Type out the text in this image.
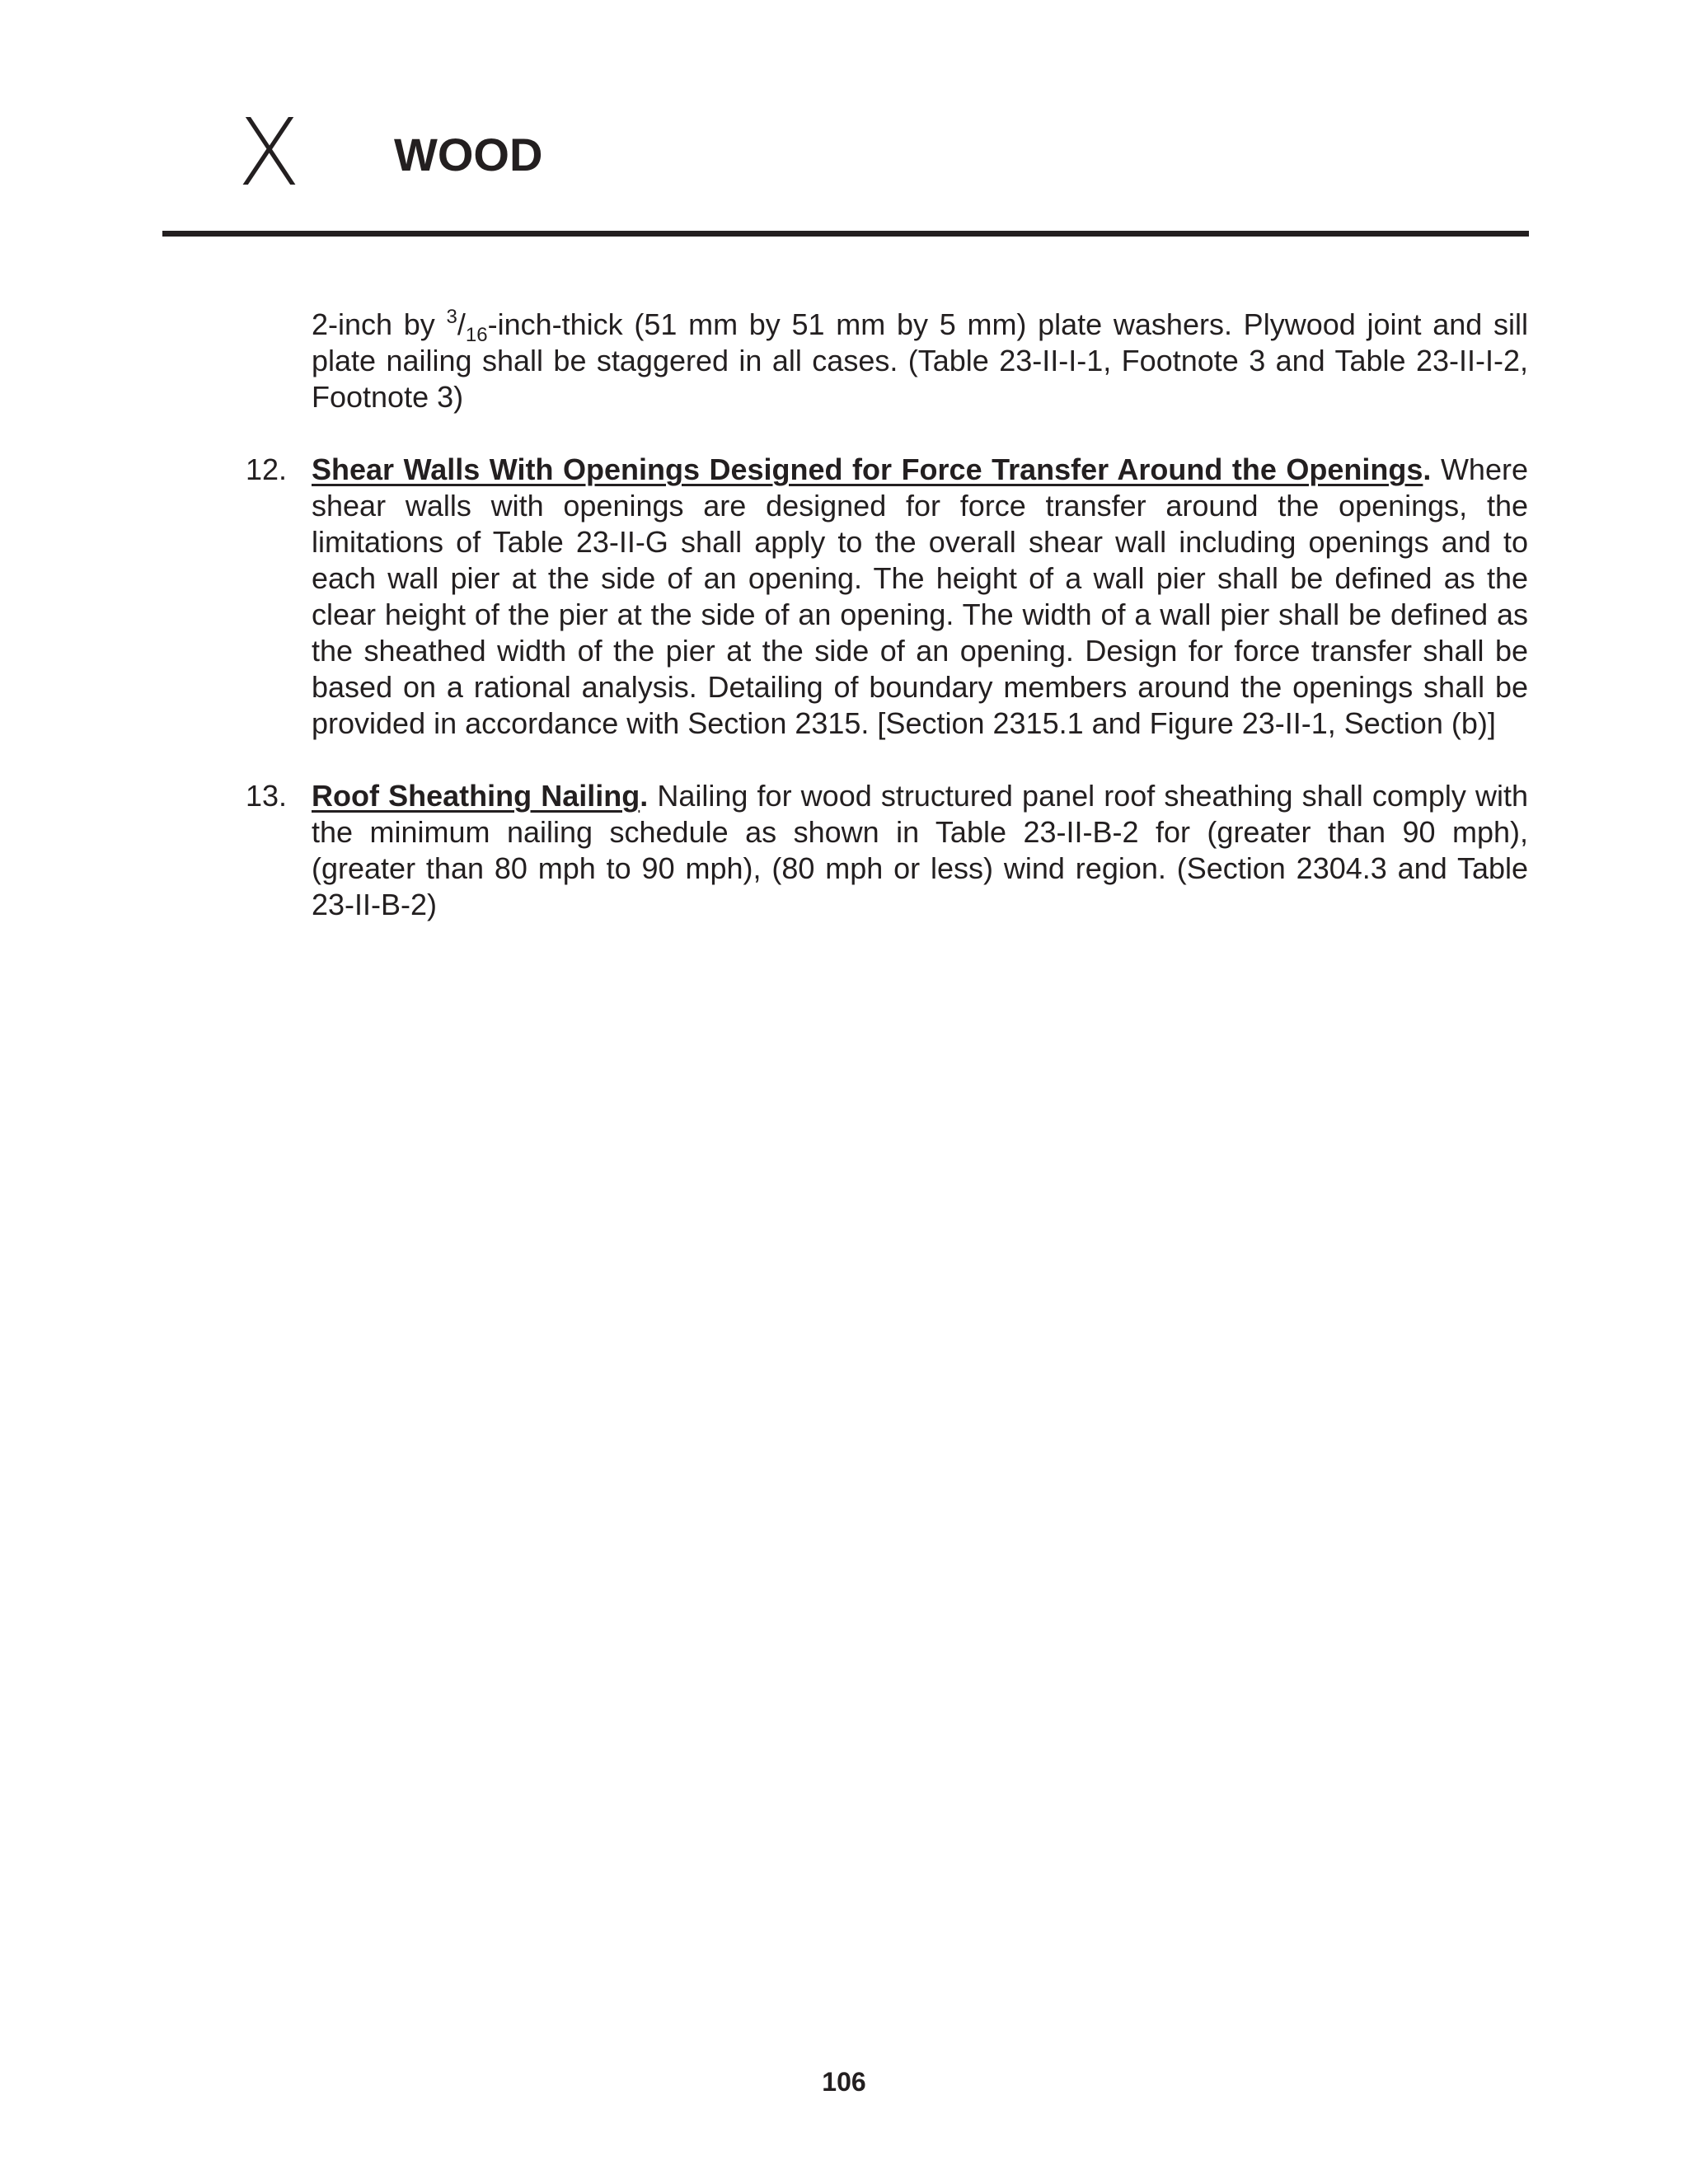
X WOOD

2-inch by $^3/_{16}-inch$-thick (51 mm by 51 mm by 5 mm) plate washers. Plywood joint and sill plate nailing shall be staggered in all cases. (Table 23-II-I-1, Footnote 3 and Table 23-II-I-2, Footnote 3)

12. Shear Walls With Openings Designed for Force Transfer Around the Openings. Where shear walls with openings are designed for force transfer around the openings, the limitations of Table 23-II-G shall apply to the overall shear wall including openings and to each wall pier at the side of an opening. The height of a wall pier shall be defined as the clear height of the pier at the side of an opening. The width of a wall pier shall be defined as the sheathed width of the pier at the side of an opening. Design for force transfer shall be based on a rational analysis. Detailing of boundary members around the openings shall be provided in accordance with Section 2315. [Section 2315.1 and Figure 23-II-1, Section (b)]

13. Roof Sheathing Nailing. Nailing for wood structured panel roof sheathing shall comply with the minimum nailing schedule as shown in Table 23-II-B-2 for (greater than 90 mph), (greater than 80 mph to 90 mph), (80 mph or less) wind region. (Section 2304.3 and Table 23-II-B-2)

106
